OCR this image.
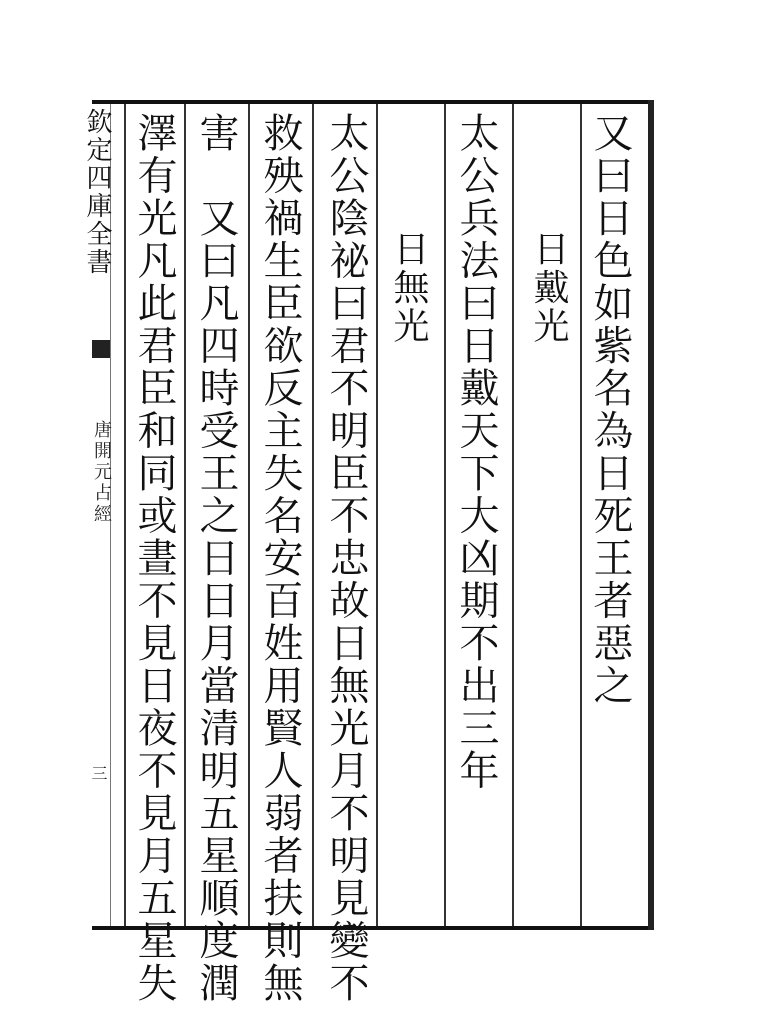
欽定四庫全書
唐開元占經
三
又曰日色如紫名為日死王者惡之
日戴光
太公兵法曰日戴天下大凶期不出三年
日無光
太公陰祕曰君不明臣不忠故日無光月不明見變不
救殃禍生臣欲反主失名安百姓用賢人弱者扶則無
害　又曰凡四時受王之日日月當清明五星順度潤
澤有光凡此君臣和同或晝不見日夜不見月五星失
